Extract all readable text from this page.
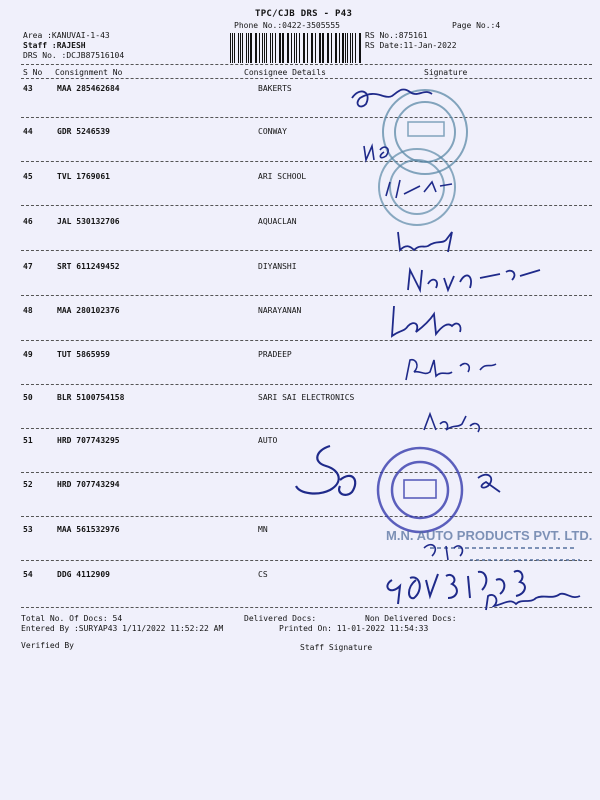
TPC/CJB DRS - P43
Phone No.:0422-3505555	Page No.:4
Area :KANUVAI-1-43
Staff :RAJESH
DRS No. :DCJB87516104
RS No.:875161
RS Date:11-Jan-2022
S No Consignment No	Consignee Details	Signature
43	MAA 285462684	BAKERTS
44	GDR 5246539	CONWAY
45	TVL 1769061	ARI SCHOOL
46	JAL 530132706	AQUACLAN
47	SRT 611249452	DIYANSHI
48	MAA 280102376	NARAYANAN
49	TUT 5865959	PRADEEP
50	BLR 5100754158	SARI SAI ELECTRONICS
51	HRD 707743295	AUTO
52	HRD 707743294
53	MAA 561532976	MN
54	DDG 4112909	CS
Total No. Of Docs: 54	Delivered Docs:	Non Delivered Docs:
Entered By :SURYAP43 1/11/2022 11:52:22 AM	Printed On: 11-01-2022 11:54:33
Verified By	Staff Signature
M.N. AUTO PRODUCTS PVT. LTD.
